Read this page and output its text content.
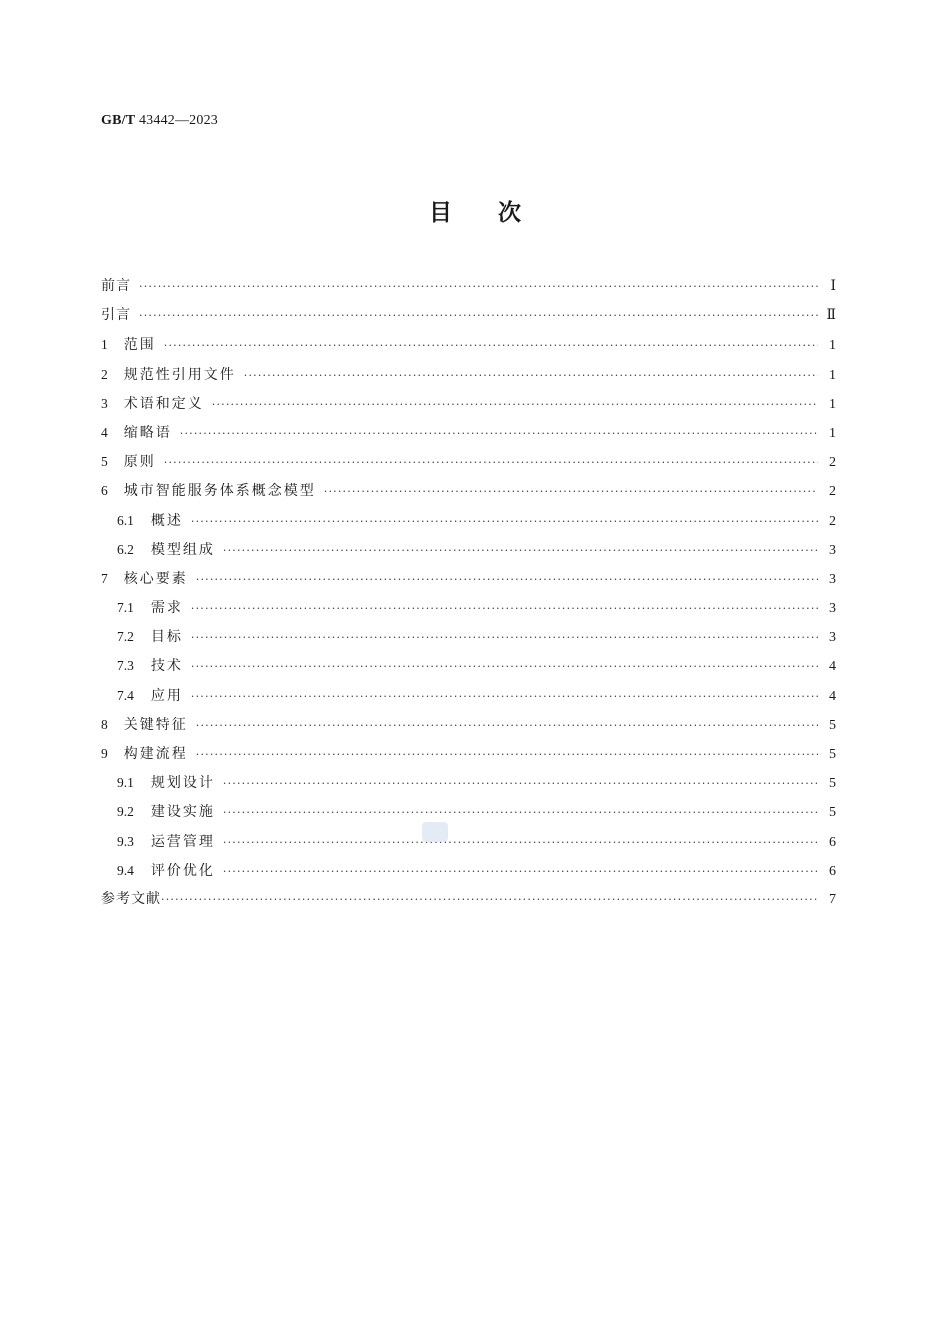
GB/T 43442—2023
目次
前言 ·····	Ⅰ
引言 ·····	Ⅱ
1 范围 ·····	1
2 规范性引用文件 ·····	1
3 术语和定义 ·····	1
4 缩略语 ·····	1
5 原则 ·····	2
6 城市智能服务体系概念模型 ·····	2
6.1 概述 ·····	2
6.2 模型组成 ·····	3
7 核心要素 ·····	3
7.1 需求 ·····	3
7.2 目标 ·····	3
7.3 技术 ·····	4
7.4 应用 ·····	4
8 关键特征 ·····	5
9 构建流程 ·····	5
9.1 规划设计 ·····	5
9.2 建设实施 ·····	5
9.3 运营管理 ·····	6
9.4 评价优化 ·····	6
参考文献 ·····	7
